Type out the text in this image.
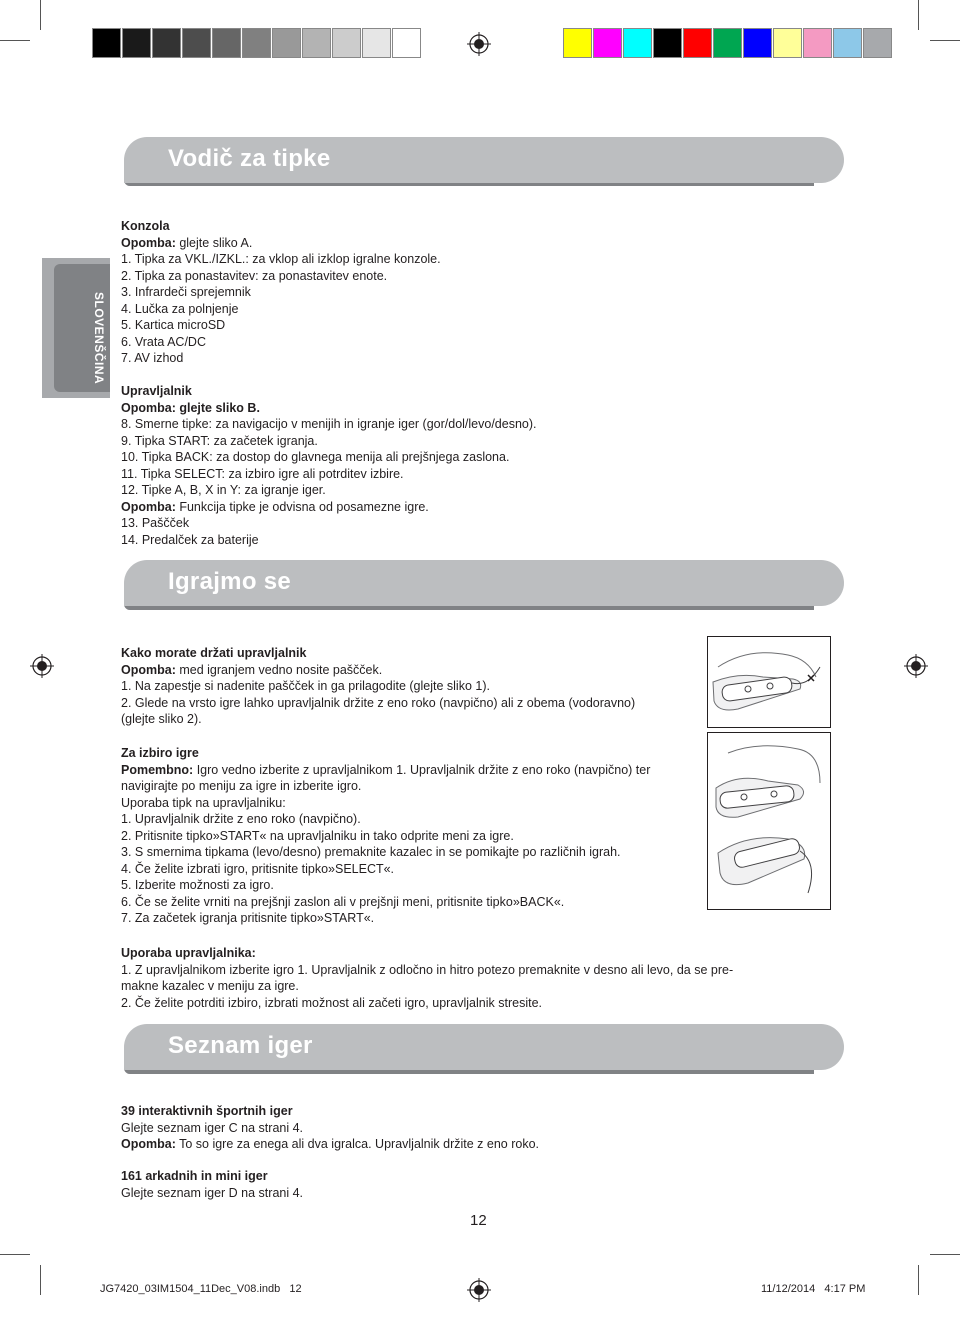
SLOVENŠČINA
Vodič za tipke
Konzola
Opomba: glejte sliko A.
1. Tipka za VKL./IZKL.: za vklop ali izklop igralne konzole.
2. Tipka za ponastavitev: za ponastavitev enote.
3. Infrardeči sprejemnik
4. Lučka za polnjenje
5. Kartica microSD
6. Vrata AC/DC
7. AV izhod
Upravljalnik
Opomba: glejte sliko B.
8. Smerne tipke: za navigacijo v menijih in igranje iger (gor/dol/levo/desno).
9. Tipka START: za začetek igranja.
10. Tipka BACK: za dostop do glavnega menija ali prejšnjega zaslona.
11. Tipka SELECT: za izbiro igre ali potrditev izbire.
12. Tipke A, B, X in Y: za igranje iger.
Opomba: Funkcija tipke je odvisna od posamezne igre.
13. Paščček
14. Predalček za baterije
Igrajmo se
Kako morate držati upravljalnik
Opomba: med igranjem vedno nosite paščček.
1. Na zapestje si nadenite paščček in ga prilagodite (glejte sliko 1).
2. Glede na vrsto igre lahko upravljalnik držite z eno roko (navpično) ali z obema (vodoravno)
(glejte sliko 2).
Za izbiro igre
Pomembno: Igro vedno izberite z upravljalnikom 1. Upravljalnik držite z eno roko (navpično) ter
navigirajte po meniju za igre in izberite igro.
Uporaba tipk na upravljalniku:
1. Upravljalnik držite z eno roko (navpično).
2. Pritisnite tipko»START« na upravljalniku in tako odprite meni za igre.
3. S smernima tipkama (levo/desno) premaknite kazalec in se pomikajte po različnih igrah.
4. Če želite izbrati igro, pritisnite tipko»SELECT«.
5. Izberite možnosti za igro.
6. Če se želite vrniti na prejšnji zaslon ali v prejšnji meni, pritisnite tipko»BACK«.
7. Za začetek igranja pritisnite tipko»START«.
Uporaba upravljalnika:
1. Z upravljalnikom izberite igro 1. Upravljalnik z odločno in hitro potezo premaknite v desno ali levo, da se pre-
makne kazalec v meniju za igre.
2. Če želite potrditi izbiro, izbrati možnost ali začeti igro, upravljalnik stresite.
Seznam iger
39 interaktivnih športnih iger
Glejte seznam iger C na strani 4.
Opomba: To so igre za enega ali dva igralca. Upravljalnik držite z eno roko.
161 arkadnih in mini iger
Glejte seznam iger D na strani 4.
12
JG7420_03IM1504_11Dec_V08.indb   12	11/12/2014   4:17 PM
